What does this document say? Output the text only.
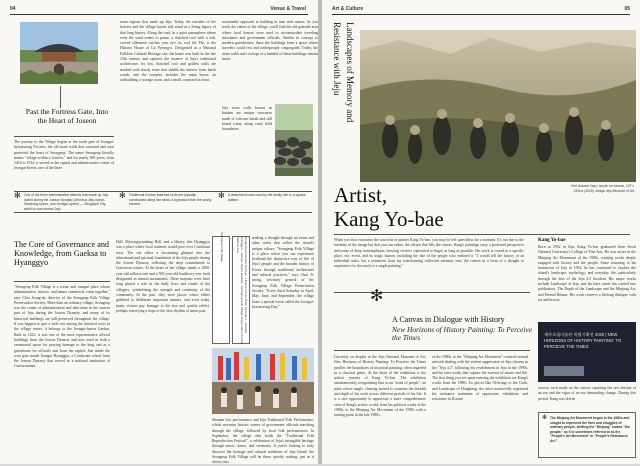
04	Venue & Travel
Past the Fortress Gate, Into the Heart of Joseon
The journey to the Village begins at the south gate of Jeongui-hyeonseong Fortress, the old stone walls that surround and once protected the heart of Seongeup. The name Seongeup literally means "village within a fortress," and for nearly 500 years, from 1416 to 1914, it served as the capital and administrative center of Jeongui-hyeon, one of the three
main regions that made up Jeju. Today, the outsides of the fortress and the village layout still stand as a living legacy of that long history. Along the road, in a quiet atmosphere where even the wind seems to pause, a thatched roof with a soft, curved silhouette catches your eye, its roof tile 'Ha', is the Historic House of Go Pyeong-o. Designated as a National Folklore Cultural Heritage site, the home was built in the late 19th century and captures the essence of Jeju's traditional architecture. Its low, thatched roof and golden walls are marked with sturdy stone that shields the interior from harsh winds, and the complex includes the main house, an outbuilding, a storage room, and a small courtyard in front.
sustainable approach to building in tune with nature. As you reach the center of the village, you'll find the old gateside area where local houses were used to accommodate traveling merchants and government officials. Similar in concept to modern guesthouses, these the buildings form a space where travelers could rest and tradespeople congregated. Today, the stone walls and rooftops of a handful of these buildings remain intact.
Jeju stone walls known as batdam are unique structures made of volcanic basalt and still found today along rural field boundaries.
✻ One of the three administrative districts that made up Jeju Island during the Joseon Dynasty (Jeonbuk Jeju-hyeon, Daejeong-hyeon, and Jeongui-hyeon) — Seogwipo City, which is now central Jeju.
✻ Traditional Korean thatched roofs are typically constructed using rice straw, a byproduct from the yearly harvest.
✻ A detached house used by the family heir in a square pattern.
The Core of Governance and Knowledge, from Gaeksa to Hyanggyo
"Seongeup Folk Village is a scenic and tranquil place whose administrative, historic, and nature seamlessly come together," says Choi Jeong-ah, director of the Seongeup Folk Village Preservation Society. More than an ordinary village, Seongeup was the center of administration and education in the eastern part of Jeju during the Joseon Dynasty, and many of its historical buildings are still preserved throughout the village. If you happen to spot a stele tree among the thatched roofs in the village center, it belongs to the Jeongui-hyeon Gaeksa. Built in 1423, it was one of the most representative official buildings from the Joseon Dynasty and now used as both a ceremonial space for praying homage to the king and as a guesthouse for officials sent from the capital. Just inside the west gate stands Jeongui Hyanggyo, a Confucian school from the Joseon Dynasty that served as a national institution of Confucianism.
Hall, Myeongnyundang Hall, and a library, this Hyanggyo was a place where local students would pore over Confucian texts. The site offers a fascinating glimpse into the educational and spiritual foundation of the Jeju people during the Joseon Dynasty, reflecting the deep commitment to Confucian values. At the heart of the village stands a 1000-year-old zelkova tree and a 500-year-old hackberry tree, both designated as natural monuments. These majestic trees have long played a role in the daily lives and rituals of the villagers, symbolizing the strength and continuity of the community. In the past, they were places where elders gathered to deliberate important matters, and even today, many visitors pay homage to the tree and quietly reflect, perhaps conveying a hope to the slow rhythm of times past.
Seongeup Folk Village	Jeongui-hyeonseong Fortress · Historic House of Go Pyeong-o · Jeongui Hyanggyo · Jeongui-hyeon Gaeksa · Seongeup Folk Village Preservation Society · Zelkova Tree	making a thought-through an event and other crafts that reflect the island's unique culture. "Seongeup Folk Village is a place where you can experience firsthand the distinctive way of life of Jeju's people and the broader history of Korea through traditional architecture and cultural practices," says Choi Ji-seong, secretary general of the Seongeup Folk Village Preservation Society. "Every third Saturday in April, May, June, and September, the village hosts a special event called the Jeongui-hyeonseong Day."
Shaman Gut performance and Jeju Traditional Folk Performance, which recreates historic scenes of government officials marching through the village, followed by local folk performances. In September, the village also holds the "Traditional Folk Reproduction Festival", a celebration of Jeju's intangible heritage through music, dance, and ceremony. If you're looking to truly discover the heritage and cultural traditions of Jeju Island, the Seongeup Folk Village will be there, quietly waiting, just as it always has.
Art & Culture	05
Landscapes of Memory and Resistance with Jeju
Artist,
Kang Yo-bae
<Hot Autumn Day> acrylic on canvas, 197 x 333cm (2016), Image Jeju Museum of Art
When you first encounter the artworks of painter Kang Yo-bae, you may be left speechless for a moment. It's not due to the intensity of the image but that you can rather, the silence that fills the canvas. Kang's paintings carry a profound perspective and sense of deep contemplation, drawing viewers captivated to linger as long as possible. His work is rooted in a specific place, era, event, and its tragic history, including the fate of the people who endured it. "I would tell the history of an individual artist, but a testament from my transforming collective memory onto the canvas in a form of a thought to experience for the reach of a single painting."
Kang Yo-bae
Born in 1952 in Jeju, Kang Yo-bae graduated from Seoul National University's College of Fine Arts. He was active in the Minjung Art Movement of the 1980s, creating works deeply engaged with history and the people. Since returning to his hometown of Jeju in 1992, he has continued to explore the island's landscape, mythology, and everyday life, particularly through the lens of the Jeju 4.3 Incident. His major works include Landscape of Jeju, and his later career has carried into publication, The Depth of the Landscape and the Minjung Art, and Eternal Return. His work conveys a lifelong dialogue with art and history.
제주도립미술관 특별기획전 2025 | NEW HORIZONS OF HISTORY PAINTING: TO PERCEIVE THE TIMES
✻
A Canvas in Dialogue with History
New Horizons of History Painting: To Perceive the Times
Currently on display at the Jeju National Museum of Art, New Horizons of History Painting: To Perceive the Times profiles the boundaries of historical painting, often regarded as a classical genre. At the heart of the exhibition is the artistic journey of Kang Yo-bae. The exhibition simultaneously reorganizing him as an "artist of people", an artist whose single, clearing moved to examine the breadth and depth of his work across different periods of his life. It is a rare opportunity to appreciate a more comprehensive view of Kang's artistic world, from his political works of the 1980s, to the Minjung Art Movement of the 1990s with a turning point in the late 1980s.
of the 1980s, to the "Minjung Art Movement" centered around artwork dealing with the violent suppression of Jeju citizens in the "Jeju 4.3" following his resettlement in Jeju in the 1990s, and his later works that capture the essence of nature and life. The first thing you see upon entering the exhibition are Kang's works from the 1980s. Its pieces like Offerings to the Gods, and Landscape of Hongbang, the artist masterfully expressed his resistance sentiment of oppression, tribulation, and resistance in Korean
society, each made on the canvas capturing the raw tension of an era and the vigor of an era demanding change. During this period, Kang was driven
✻ The Minjung Art Movement began in the 1980s and sought to represent the lives and struggles of ordinary people, shifting the "Minjung" means "the people," as it is sometimes referred to as the "People's Art Movement" or "People's Resistance Art."
